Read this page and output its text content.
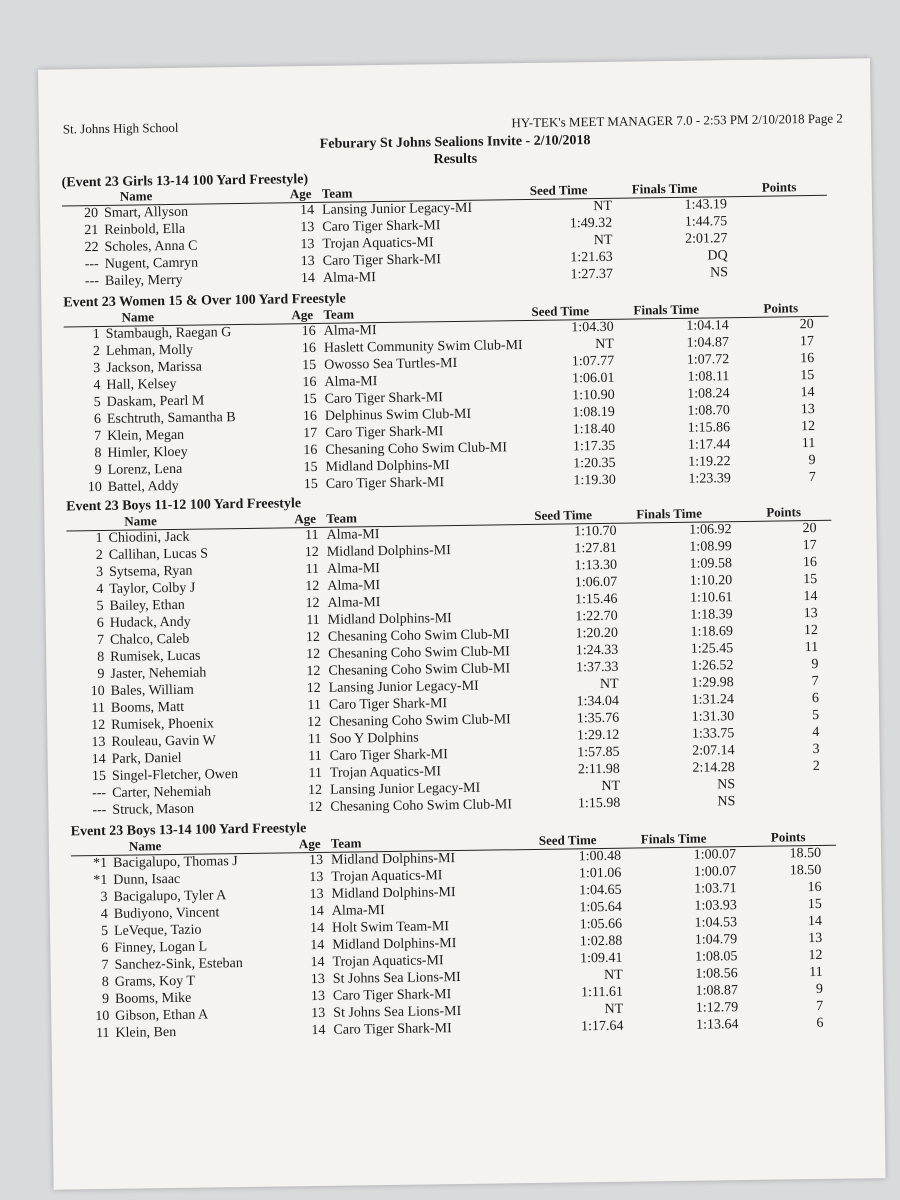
St. Johns High School	HY-TEK's MEET MANAGER 7.0 - 2:53 PM 2/10/2018 Page 2
Feburary St Johns Sealions Invite - 2/10/2018
Results
(Event 23 Girls 13-14 100 Yard Freestyle)
Name	Age Team	Seed Time	Finals Time	Points
20 Smart, Allyson	14 Lansing Junior Legacy-MI	NT	1:43.19
21 Reinbold, Ella	13 Caro Tiger Shark-MI	1:49.32	1:44.75
22 Scholes, Anna C	13 Trojan Aquatics-MI	NT	2:01.27
--- Nugent, Camryn	13 Caro Tiger Shark-MI	1:21.63	DQ
--- Bailey, Merry	14 Alma-MI	1:27.37	NS
Event 23 Women 15 & Over 100 Yard Freestyle
Name	Age Team	Seed Time	Finals Time	Points
1 Stambaugh, Raegan G	16 Alma-MI	1:04.30	1:04.14	20
2 Lehman, Molly	16 Haslett Community Swim Club-MI	NT	1:04.87	17
3 Jackson, Marissa	15 Owosso Sea Turtles-MI	1:07.77	1:07.72	16
4 Hall, Kelsey	16 Alma-MI	1:06.01	1:08.11	15
5 Daskam, Pearl M	15 Caro Tiger Shark-MI	1:10.90	1:08.24	14
6 Eschtruth, Samantha B	16 Delphinus Swim Club-MI	1:08.19	1:08.70	13
7 Klein, Megan	17 Caro Tiger Shark-MI	1:18.40	1:15.86	12
8 Himler, Kloey	16 Chesaning Coho Swim Club-MI	1:17.35	1:17.44	11
9 Lorenz, Lena	15 Midland Dolphins-MI	1:20.35	1:19.22	9
10 Battel, Addy	15 Caro Tiger Shark-MI	1:19.30	1:23.39	7
Event 23 Boys 11-12 100 Yard Freestyle
Name	Age Team	Seed Time	Finals Time	Points
1 Chiodini, Jack	11 Alma-MI	1:10.70	1:06.92	20
2 Callihan, Lucas S	12 Midland Dolphins-MI	1:27.81	1:08.99	17
3 Sytsema, Ryan	11 Alma-MI	1:13.30	1:09.58	16
4 Taylor, Colby J	12 Alma-MI	1:06.07	1:10.20	15
5 Bailey, Ethan	12 Alma-MI	1:15.46	1:10.61	14
6 Hudack, Andy	11 Midland Dolphins-MI	1:22.70	1:18.39	13
7 Chalco, Caleb	12 Chesaning Coho Swim Club-MI	1:20.20	1:18.69	12
8 Rumisek, Lucas	12 Chesaning Coho Swim Club-MI	1:24.33	1:25.45	11
9 Jaster, Nehemiah	12 Chesaning Coho Swim Club-MI	1:37.33	1:26.52	9
10 Bales, William	12 Lansing Junior Legacy-MI	NT	1:29.98	7
11 Booms, Matt	11 Caro Tiger Shark-MI	1:34.04	1:31.24	6
12 Rumisek, Phoenix	12 Chesaning Coho Swim Club-MI	1:35.76	1:31.30	5
13 Rouleau, Gavin W	11 Soo Y Dolphins	1:29.12	1:33.75	4
14 Park, Daniel	11 Caro Tiger Shark-MI	1:57.85	2:07.14	3
15 Singel-Fletcher, Owen	11 Trojan Aquatics-MI	2:11.98	2:14.28	2
--- Carter, Nehemiah	12 Lansing Junior Legacy-MI	NT	NS
--- Struck, Mason	12 Chesaning Coho Swim Club-MI	1:15.98	NS
Event 23 Boys 13-14 100 Yard Freestyle
Name	Age Team	Seed Time	Finals Time	Points
*1 Bacigalupo, Thomas J	13 Midland Dolphins-MI	1:00.48	1:00.07	18.50
*1 Dunn, Isaac	13 Trojan Aquatics-MI	1:01.06	1:00.07	18.50
3 Bacigalupo, Tyler A	13 Midland Dolphins-MI	1:04.65	1:03.71	16
4 Budiyono, Vincent	14 Alma-MI	1:05.64	1:03.93	15
5 LeVeque, Tazio	14 Holt Swim Team-MI	1:05.66	1:04.53	14
6 Finney, Logan L	14 Midland Dolphins-MI	1:02.88	1:04.79	13
7 Sanchez-Sink, Esteban	14 Trojan Aquatics-MI	1:09.41	1:08.05	12
8 Grams, Koy T	13 St Johns Sea Lions-MI	NT	1:08.56	11
9 Booms, Mike	13 Caro Tiger Shark-MI	1:11.61	1:08.87	9
10 Gibson, Ethan A	13 St Johns Sea Lions-MI	NT	1:12.79	7
11 Klein, Ben	14 Caro Tiger Shark-MI	1:17.64	1:13.64	6
